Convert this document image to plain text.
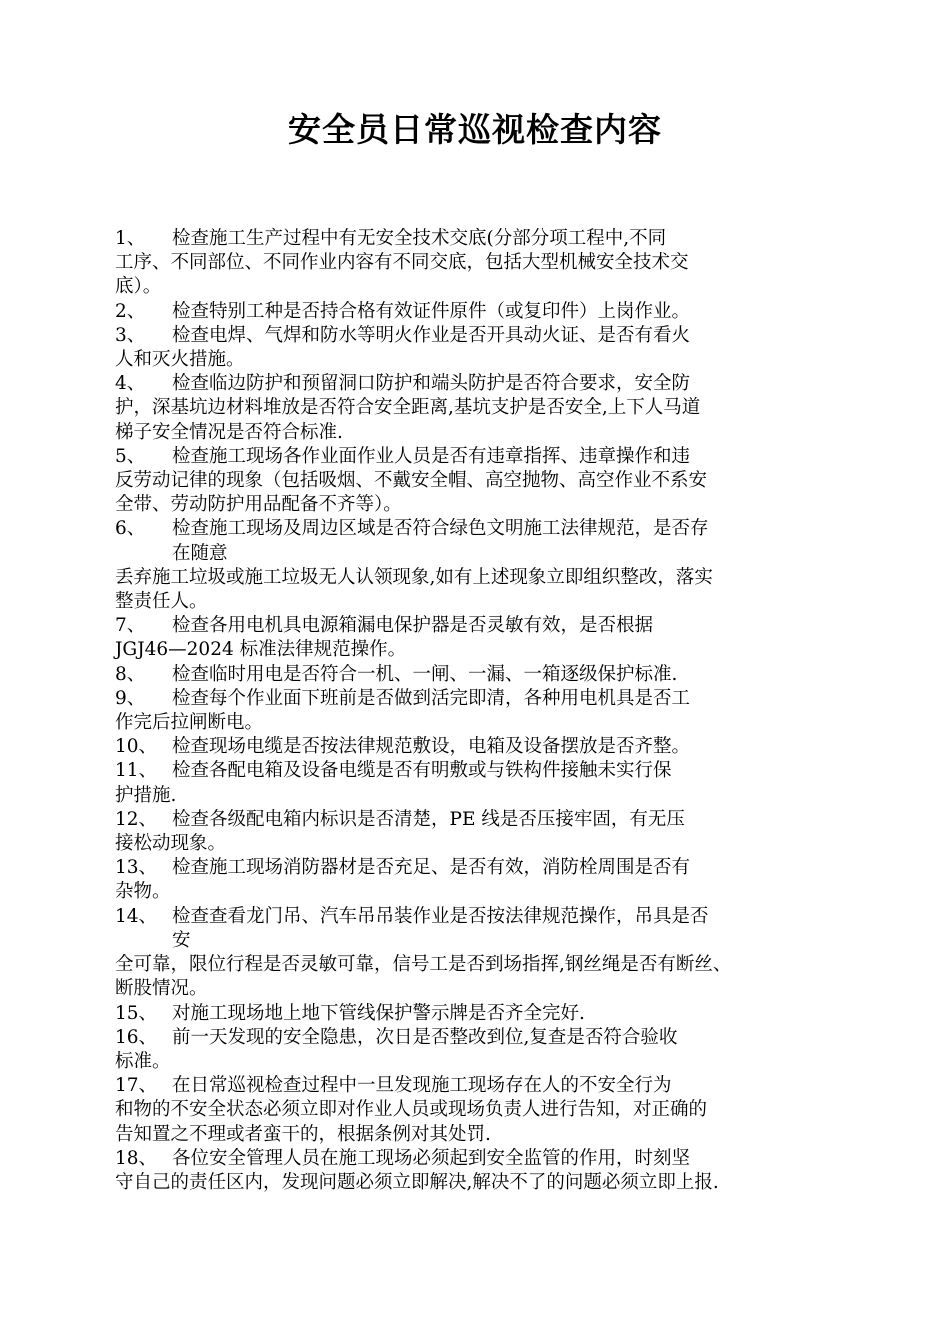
安全员日常巡视检查内容
1、 检查施工生产过程中有无安全技术交底(分部分项工程中,不同
工序、不同部位、不同作业内容有不同交底，包括大型机械安全技术交
底）。
2、 检查特别工种是否持合格有效证件原件（或复印件）上岗作业。
3、 检查电焊、气焊和防水等明火作业是否开具动火证、是否有看火
人和灭火措施。
4、 检查临边防护和预留洞口防护和端头防护是否符合要求，安全防
护，深基坑边材料堆放是否符合安全距离,基坑支护是否安全,上下人马道
梯子安全情况是否符合标准.
5、 检查施工现场各作业面作业人员是否有违章指挥、违章操作和违
反劳动记律的现象（包括吸烟、不戴安全帽、高空抛物、高空作业不系安
全带、劳动防护用品配备不齐等）。
6、 检查施工现场及周边区域是否符合绿色文明施工法律规范，是否存
在随意
丢弃施工垃圾或施工垃圾无人认领现象,如有上述现象立即组织整改，落实
整责任人。
7、 检查各用电机具电源箱漏电保护器是否灵敏有效，是否根据
JGJ46—2024 标准法律规范操作。
8、 检查临时用电是否符合一机、一闸、一漏、一箱逐级保护标准.
9、 检查每个作业面下班前是否做到活完即清，各种用电机具是否工
作完后拉闸断电。
10、 检查现场电缆是否按法律规范敷设，电箱及设备摆放是否齐整。
11、 检查各配电箱及设备电缆是否有明敷或与铁构件接触未实行保
护措施.
12、 检查各级配电箱内标识是否清楚，PE 线是否压接牢固，有无压
接松动现象。
13、 检查施工现场消防器材是否充足、是否有效，消防栓周围是否有
杂物。
14、 检查查看龙门吊、汽车吊吊装作业是否按法律规范操作，吊具是否
安
全可靠，限位行程是否灵敏可靠，信号工是否到场指挥,钢丝绳是否有断丝、
断股情况。
15、 对施工现场地上地下管线保护警示牌是否齐全完好.
16、 前一天发现的安全隐患，次日是否整改到位,复查是否符合验收
标准。
17、 在日常巡视检查过程中一旦发现施工现场存在人的不安全行为
和物的不安全状态必须立即对作业人员或现场负责人进行告知，对正确的
告知置之不理或者蛮干的，根据条例对其处罚.
18、 各位安全管理人员在施工现场必须起到安全监管的作用，时刻坚
守自己的责任区内，发现问题必须立即解决,解决不了的问题必须立即上报.
